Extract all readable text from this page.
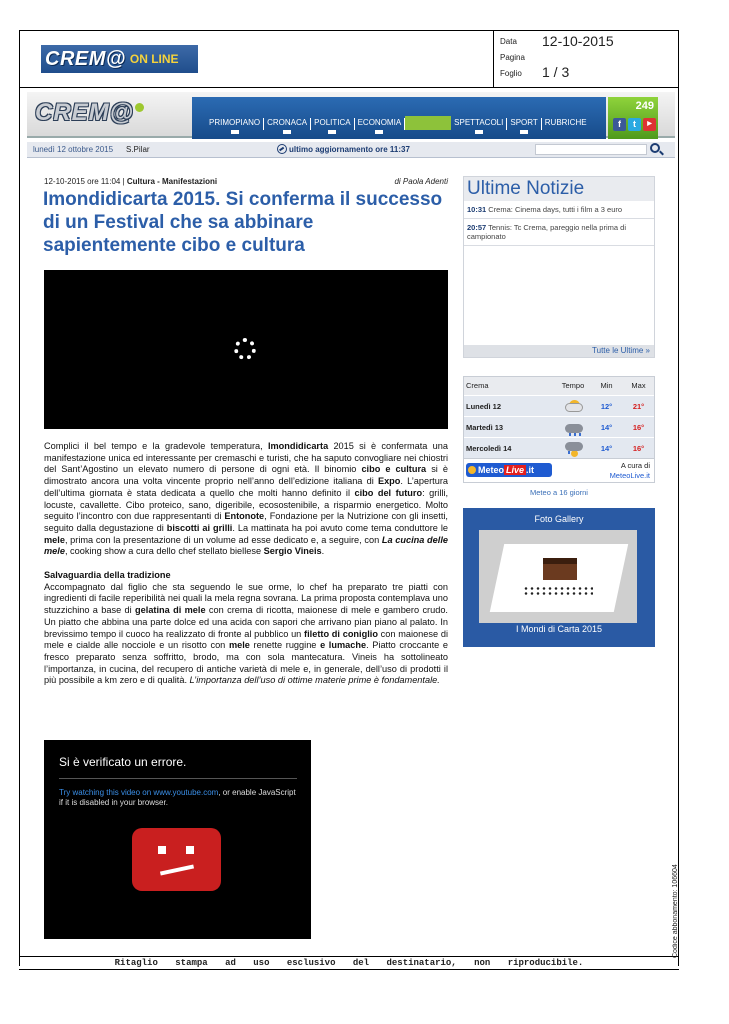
CREM@ ON LINE
Data 12-10-2015
Pagina
Foglio 1 / 3
CREM@	PRIMOPIANO CRONACA POLITICA ECONOMIA	SPETTACOLI SPORT RUBRICHE
249
f	t	▶
lunedì 12 ottobre 2015 S.Pilar	ultimo aggiornamento ore 11:37
12-10-2015 ore 11:04 | Cultura - Manifestazioni	di Paola Adenti
Imondidicarta 2015. Si conferma il successo di un Festival che sa abbinare sapientemente cibo e cultura

Complici il bel tempo e la gradevole temperatura, Imondidicarta 2015 si è confermata una manifestazione unica ed interessante per cremaschi e turisti, che ha saputo convogliare nei chiostri del Sant’Agostino un elevato numero di persone di ogni età. Il binomio cibo e cultura si è dimostrato ancora una volta vincente proprio nell’anno dell’edizione italiana di Expo. L’apertura dell’ultima giornata è stata dedicata a quello che molti hanno definito il cibo del futuro: grilli, locuste, cavallette. Cibo proteico, sano, digeribile, ecosostenibile, a risparmio energetico. Molto seguito l’incontro con due rappresentanti di Entonote, Fondazione per la Nutrizione con gli insetti, seguito dalla degustazione di biscotti ai grilli. La mattinata ha poi avuto come tema conduttore le mele, prima con la presentazione di un volume ad esse dedicato e, a seguire, con La cucina delle mele, cooking show a cura dello chef stellato biellese Sergio Vineis.

Salvaguardia della tradizione

Accompagnato dal figlio che sta seguendo le sue orme, lo chef ha preparato tre piatti con ingredienti di facile reperibilità nei quali la mela regna sovrana. La prima proposta contemplava uno stuzzichino a base di gelatina di mele con crema di ricotta, maionese di mele e gambero crudo. Un piatto che abbina una parte dolce ed una acida con sapori che arrivano pian piano al palato. In brevissimo tempo il cuoco ha realizzato di fronte al pubblico un filetto di coniglio con maionese di mele e cialde alle nocciole e un risotto con mele renette ruggine e lumache. Piatto croccante e fresco preparato senza soffritto, brodo, ma con sola mantecatura. Vineis ha sottolineato l’importanza, in cucina, del recupero di antiche varietà di mele e, in generale, dell’uso di prodotti il più possibile a km zero e di qualità. L’importanza dell’uso di ottime materie prime è fondamentale.

Si è verificato un errore.
Try watching this video on www.youtube.com, or enable JavaScript if it is disabled in your browser.
Ultime Notizie
10:31 Crema: Cinema days, tutti i film a 3 euro
20:57 Tennis: Tc Crema, pareggio nella prima di campionato
Tutte le Ultime »
Crema	Tempo	Min	Max
Lunedì 12	12°	21°
Martedì 13	14°	16°
Mercoledì 14	14°	16°
Meteo Live .it	A cura di
MeteoLive.it
Meteo a 16 giorni
Foto Gallery
I Mondi di Carta 2015
Ritaglio stampa ad uso esclusivo del destinatario, non riproducibile.
Codice abbonamento: 106604
